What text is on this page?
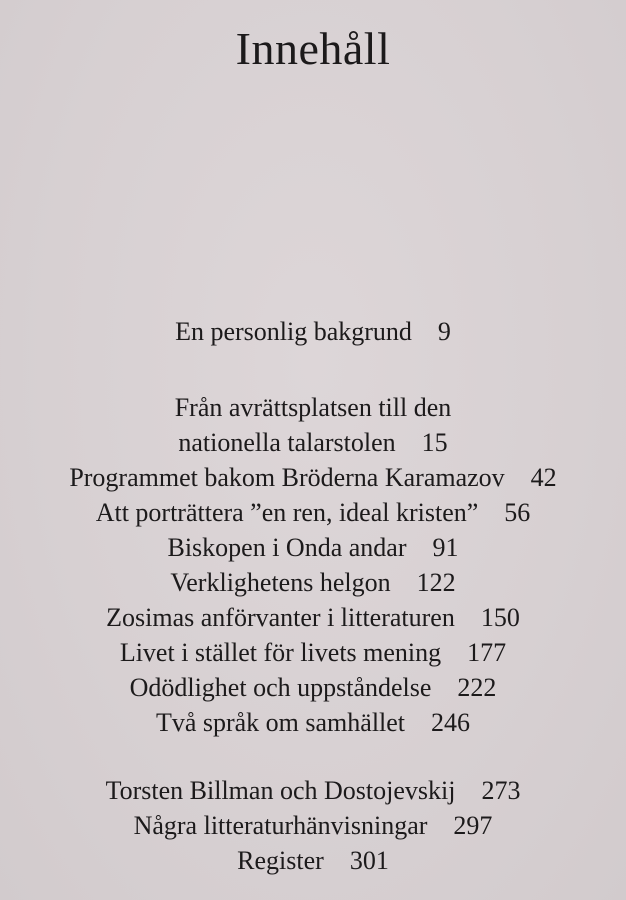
Innehåll
En personlig bakgrund 9
Från avrättsplatsen till den
nationella talarstolen 15
Programmet bakom Bröderna Karamazov 42
Att porträttera ”en ren, ideal kristen” 56
Biskopen i Onda andar 91
Verklighetens helgon 122
Zosimas anförvanter i litteraturen 150
Livet i stället för livets mening 177
Odödlighet och uppståndelse 222
Två språk om samhället 246
Torsten Billman och Dostojevskij 273
Några litteraturhänvisningar 297
Register 301
